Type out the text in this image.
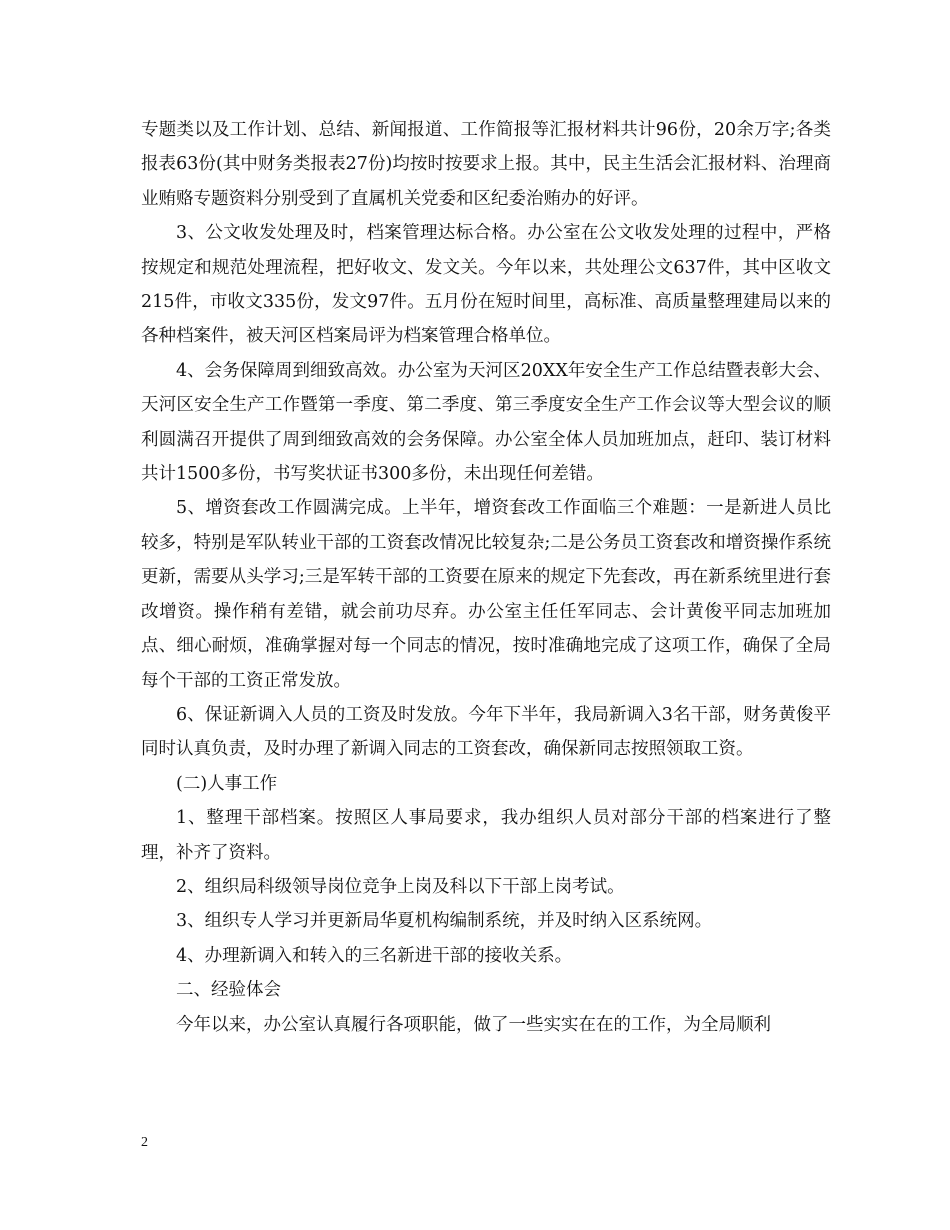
专题类以及工作计划、总结、新闻报道、工作简报等汇报材料共计96份，20余万字;各类报表63份(其中财务类报表27份)均按时按要求上报。其中，民主生活会汇报材料、治理商业贿赂专题资料分别受到了直属机关党委和区纪委治贿办的好评。

3、公文收发处理及时，档案管理达标合格。办公室在公文收发处理的过程中，严格按规定和规范处理流程，把好收文、发文关。今年以来，共处理公文637件，其中区收文215件，市收文335份，发文97件。五月份在短时间里，高标准、高质量整理建局以来的各种档案件，被天河区档案局评为档案管理合格单位。

4、会务保障周到细致高效。办公室为天河区20XX年安全生产工作总结暨表彰大会、天河区安全生产工作暨第一季度、第二季度、第三季度安全生产工作会议等大型会议的顺利圆满召开提供了周到细致高效的会务保障。办公室全体人员加班加点，赶印、装订材料共计1500多份，书写奖状证书300多份，未出现任何差错。

5、增资套改工作圆满完成。上半年，增资套改工作面临三个难题：一是新进人员比较多，特别是军队转业干部的工资套改情况比较复杂;二是公务员工资套改和增资操作系统更新，需要从头学习;三是军转干部的工资要在原来的规定下先套改，再在新系统里进行套改增资。操作稍有差错，就会前功尽弃。办公室主任任军同志、会计黄俊平同志加班加点、细心耐烦，准确掌握对每一个同志的情况，按时准确地完成了这项工作，确保了全局每个干部的工资正常发放。

6、保证新调入人员的工资及时发放。今年下半年，我局新调入3名干部，财务黄俊平同时认真负责，及时办理了新调入同志的工资套改，确保新同志按照领取工资。

(二)人事工作

1、整理干部档案。按照区人事局要求，我办组织人员对部分干部的档案进行了整理，补齐了资料。

2、组织局科级领导岗位竞争上岗及科以下干部上岗考试。

3、组织专人学习并更新局华夏机构编制系统，并及时纳入区系统网。

4、办理新调入和转入的三名新进干部的接收关系。

二、经验体会

今年以来，办公室认真履行各项职能，做了一些实实在在的工作，为全局顺利

2
